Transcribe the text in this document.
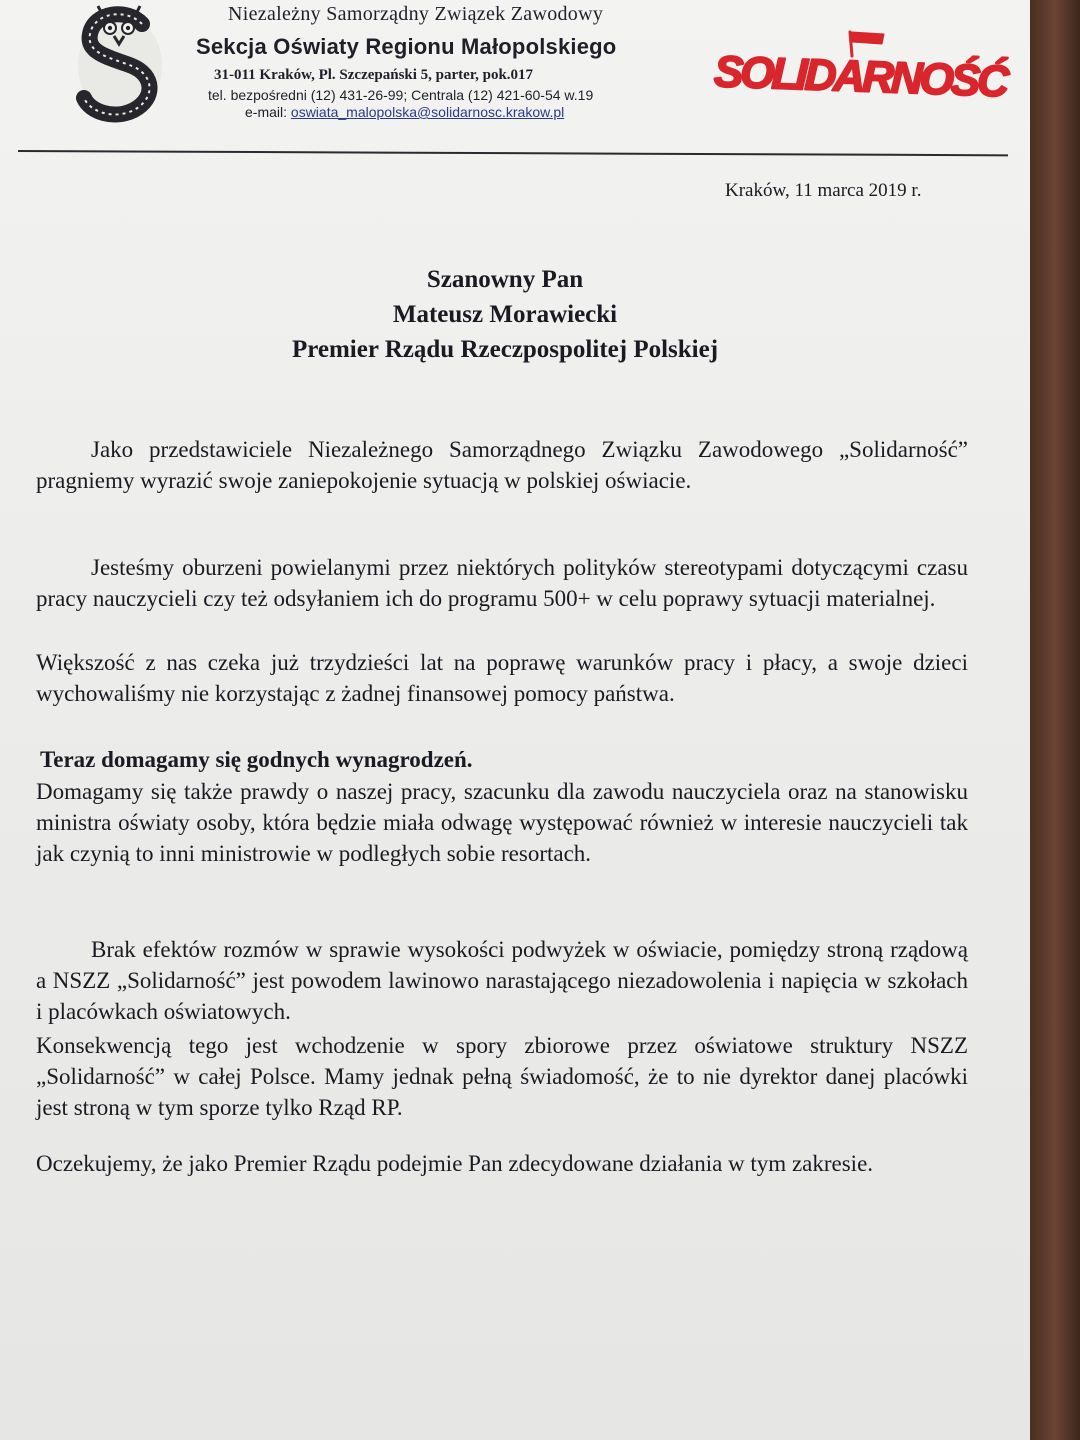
Niezależny Samorządny Związek Zawodowy
Sekcja Oświaty Regionu Małopolskiego
31-011 Kraków, Pl. Szczepański 5, parter, pok.017
tel. bezpośredni (12) 431-26-99; Centrala (12) 421-60-54 w.19
e-mail: oswiata_malopolska@solidarnosc.krakow.pl
SOLIDARNOŚĆ
Kraków, 11 marca 2019 r.
Szanowny Pan
Mateusz Morawiecki
Premier Rządu Rzeczpospolitej Polskiej

Jako przedstawiciele Niezależnego Samorządnego Związku Zawodowego „Solidarność” pragniemy wyrazić swoje zaniepokojenie sytuacją w polskiej oświacie.

Jesteśmy oburzeni powielanymi przez niektórych polityków stereotypami dotyczącymi czasu pracy nauczycieli czy też odsyłaniem ich do programu 500+ w celu poprawy sytuacji materialnej.

Większość z nas czeka już trzydzieści lat na poprawę warunków pracy i płacy, a swoje dzieci wychowaliśmy nie korzystając z żadnej finansowej pomocy państwa.

Teraz domagamy się godnych wynagrodzeń.

Domagamy się także prawdy o naszej pracy, szacunku dla zawodu nauczyciela oraz na stanowisku ministra oświaty osoby, która będzie miała odwagę występować również w interesie nauczycieli tak jak czynią to inni ministrowie w podległych sobie resortach.

Brak efektów rozmów w sprawie wysokości podwyżek w oświacie, pomiędzy stroną rządową a NSZZ „Solidarność” jest powodem lawinowo narastającego niezadowolenia i napięcia w szkołach i placówkach oświatowych.

Konsekwencją tego jest wchodzenie w spory zbiorowe przez oświatowe struktury NSZZ „Solidarność” w całej Polsce. Mamy jednak pełną świadomość, że to nie dyrektor danej placówki jest stroną w tym sporze tylko Rząd RP.

Oczekujemy, że jako Premier Rządu podejmie Pan zdecydowane działania w tym zakresie.
